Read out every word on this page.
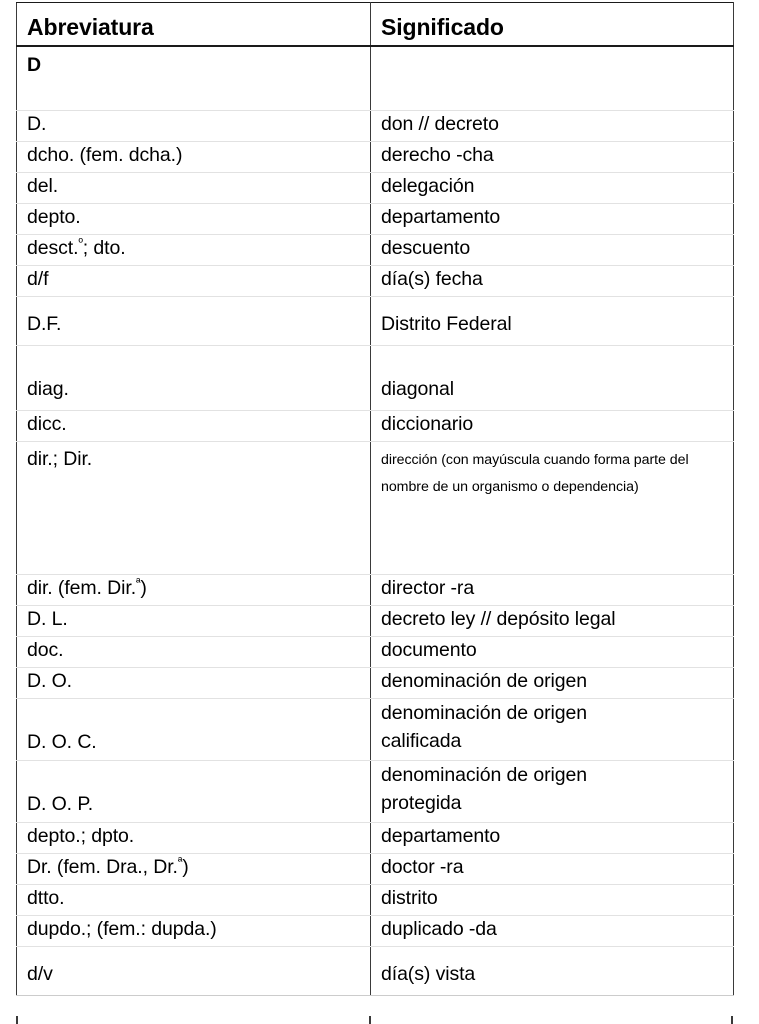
Abreviatura	Significado
D	
D.	don // decreto
dcho. (fem. dcha.)	derecho -cha
del.	delegación
depto.	departamento
desct.$^º$; dto.	descuento
d/f	día(s) fecha
D.F.	Distrito Federal
diag.	diagonal
dicc.	diccionario
dir.; Dir.	dirección (con mayúscula cuando forma parte del nombre de un organismo o dependencia)
dir. (fem. Dir.$^ª$)	director -ra
D. L.	decreto ley // depósito legal
doc.	documento
D. O.	denominación de origen
D. O. C.	denominación de origen
calificada

D. O. P.	denominación de origen
protegida

depto.; dpto.	departamento
Dr. (fem. Dra., Dr.$^ª$)	doctor -ra
dtto.	distrito
dupdo.; (fem.: dupda.)	duplicado -da
d/v	día(s) vista
